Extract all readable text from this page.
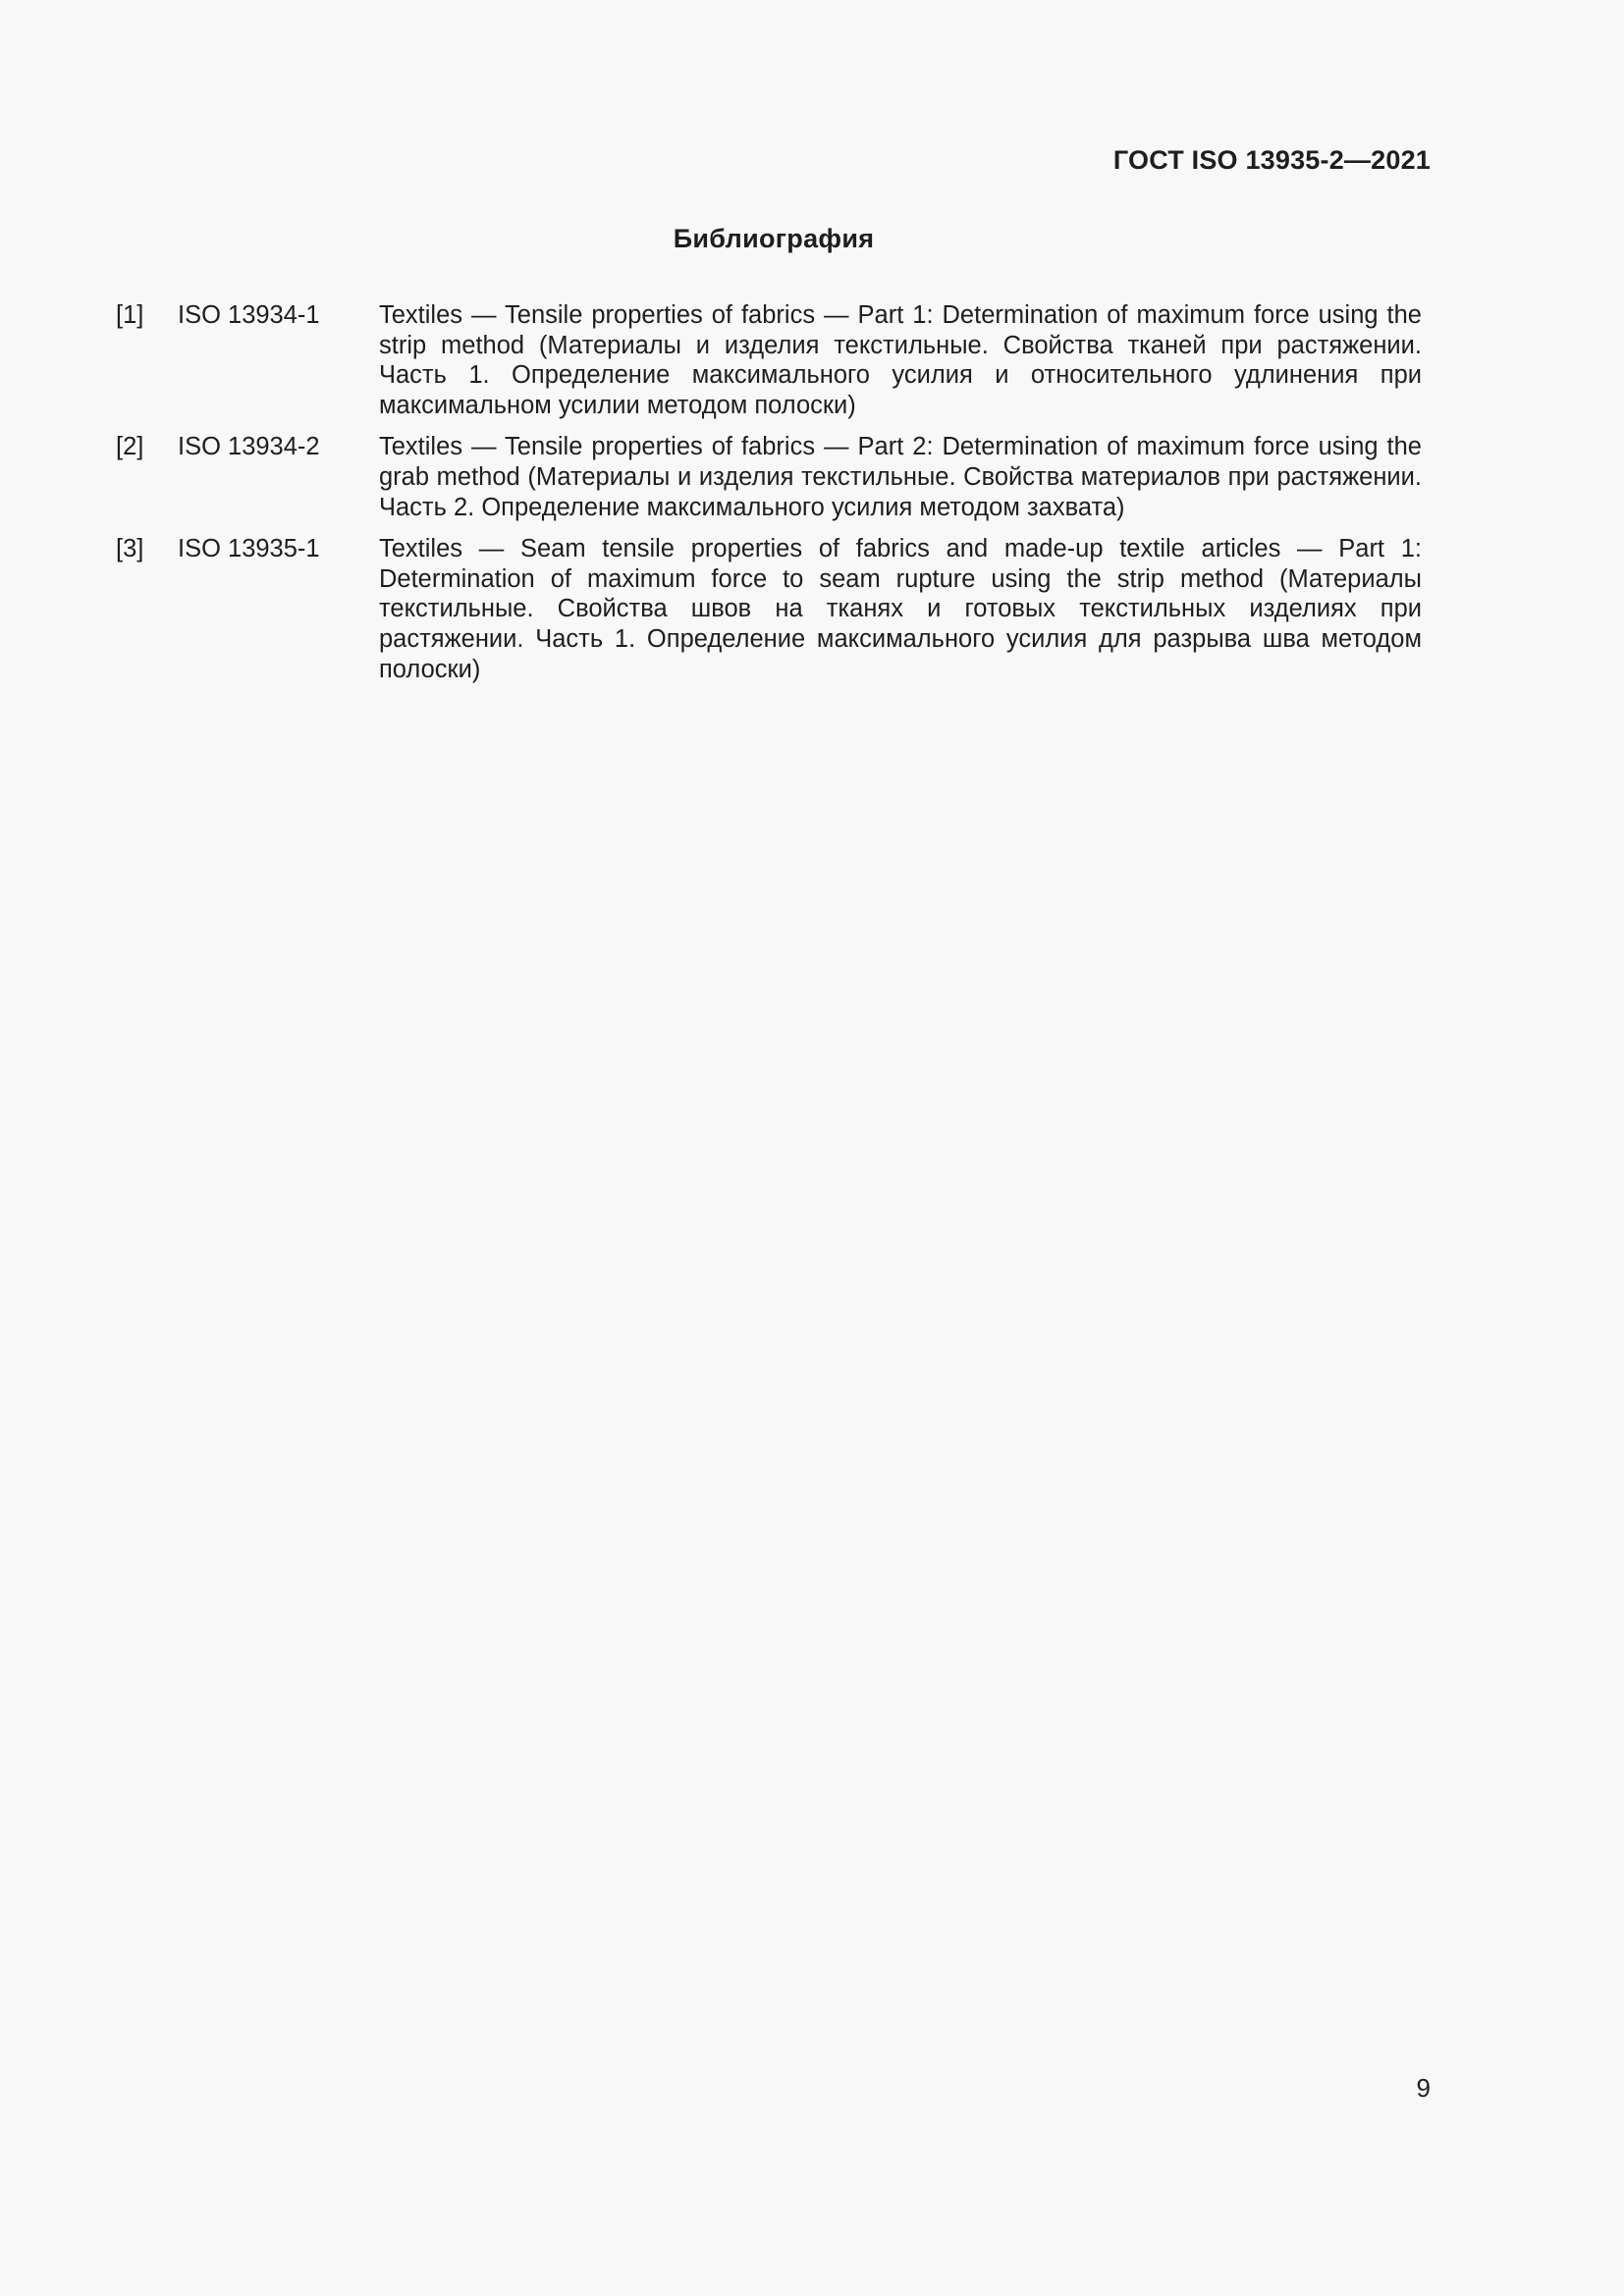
ГОСТ ISO 13935-2—2021
Библиография
[1] ISO 13934-1 Textiles — Tensile properties of fabrics — Part 1: Determination of maximum force using the strip method (Материалы и изделия текстильные. Свойства тканей при растяжении. Часть 1. Определение максимального усилия и относительного удлинения при максимальном усилии методом полоски)
[2] ISO 13934-2 Textiles — Tensile properties of fabrics — Part 2: Determination of maximum force using the grab method (Материалы и изделия текстильные. Свойства материалов при растяжении. Часть 2. Определение максимального усилия методом захвата)
[3] ISO 13935-1 Textiles — Seam tensile properties of fabrics and made-up textile articles — Part 1: Determination of maximum force to seam rupture using the strip method (Материалы текстильные. Свойства швов на тканях и готовых текстильных изделиях при растяжении. Часть 1. Определение максимального усилия для разрыва шва методом полоски)
9
